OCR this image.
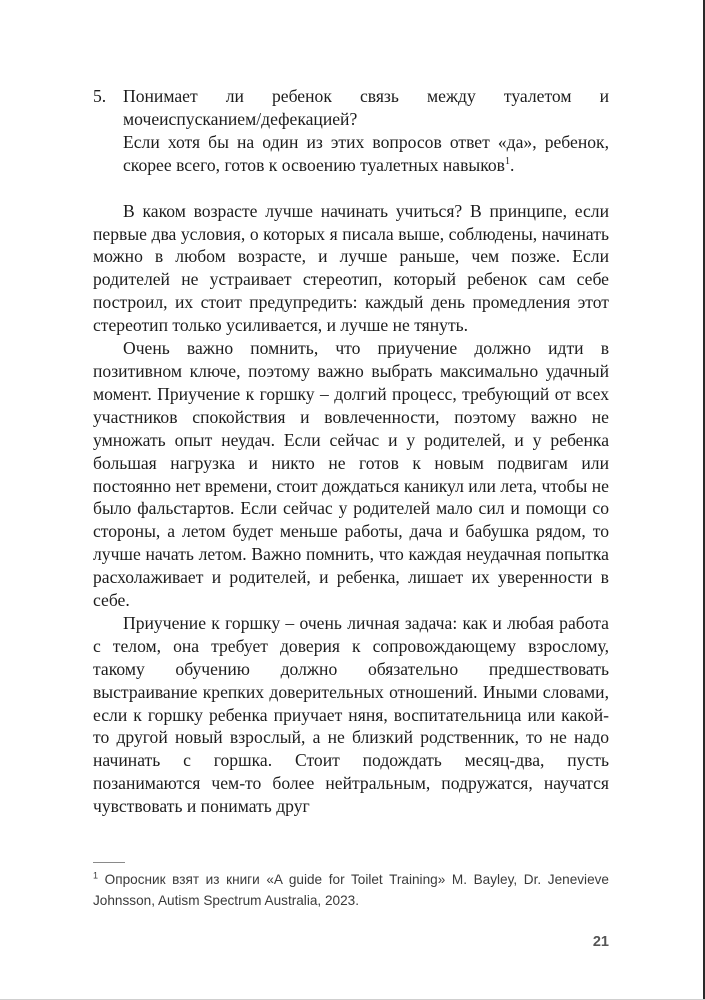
5. Понимает ли ребенок связь между туалетом и мочеиспусканием/дефекацией?

Если хотя бы на один из этих вопросов ответ «да», ребенок, скорее всего, готов к освоению туалетных навыков$^1$.

В каком возрасте лучше начинать учиться? В принципе, если первые два условия, о которых я писала выше, соблюдены, начинать можно в любом возрасте, и лучше раньше, чем позже. Если родителей не устраивает стереотип, который ребенок сам себе построил, их стоит предупредить: каждый день промедления этот стереотип только усиливается, и лучше не тянуть.

Очень важно помнить, что приучение должно идти в позитивном ключе, поэтому важно выбрать максимально удачный момент. Приучение к горшку – долгий процесс, требующий от всех участников спокойствия и вовлеченности, поэтому важно не умножать опыт неудач. Если сейчас и у родителей, и у ребенка большая нагрузка и никто не готов к новым подвигам или постоянно нет времени, стоит дождаться каникул или лета, чтобы не было фальстартов. Если сейчас у родителей мало сил и помощи со стороны, а летом будет меньше работы, дача и бабушка рядом, то лучше начать летом. Важно помнить, что каждая неудачная попытка расхолаживает и родителей, и ребенка, лишает их уверенности в себе.

Приучение к горшку – очень личная задача: как и любая работа с телом, она требует доверия к сопровождающему взрослому, такому обучению должно обязательно предшествовать выстраивание крепких доверительных отношений. Иными словами, если к горшку ребенка приучает няня, воспитательница или какой-то другой новый взрослый, а не близкий родственник, то не надо начинать с горшка. Стоит подождать месяц-два, пусть позанимаются чем-то более нейтральным, подружатся, научатся чувствовать и понимать друг

$^1$ Опросник взят из книги «A guide for Toilet Training» M. Bayley, Dr. Jenevieve Johnsson, Autism Spectrum Australia, 2023.
21
